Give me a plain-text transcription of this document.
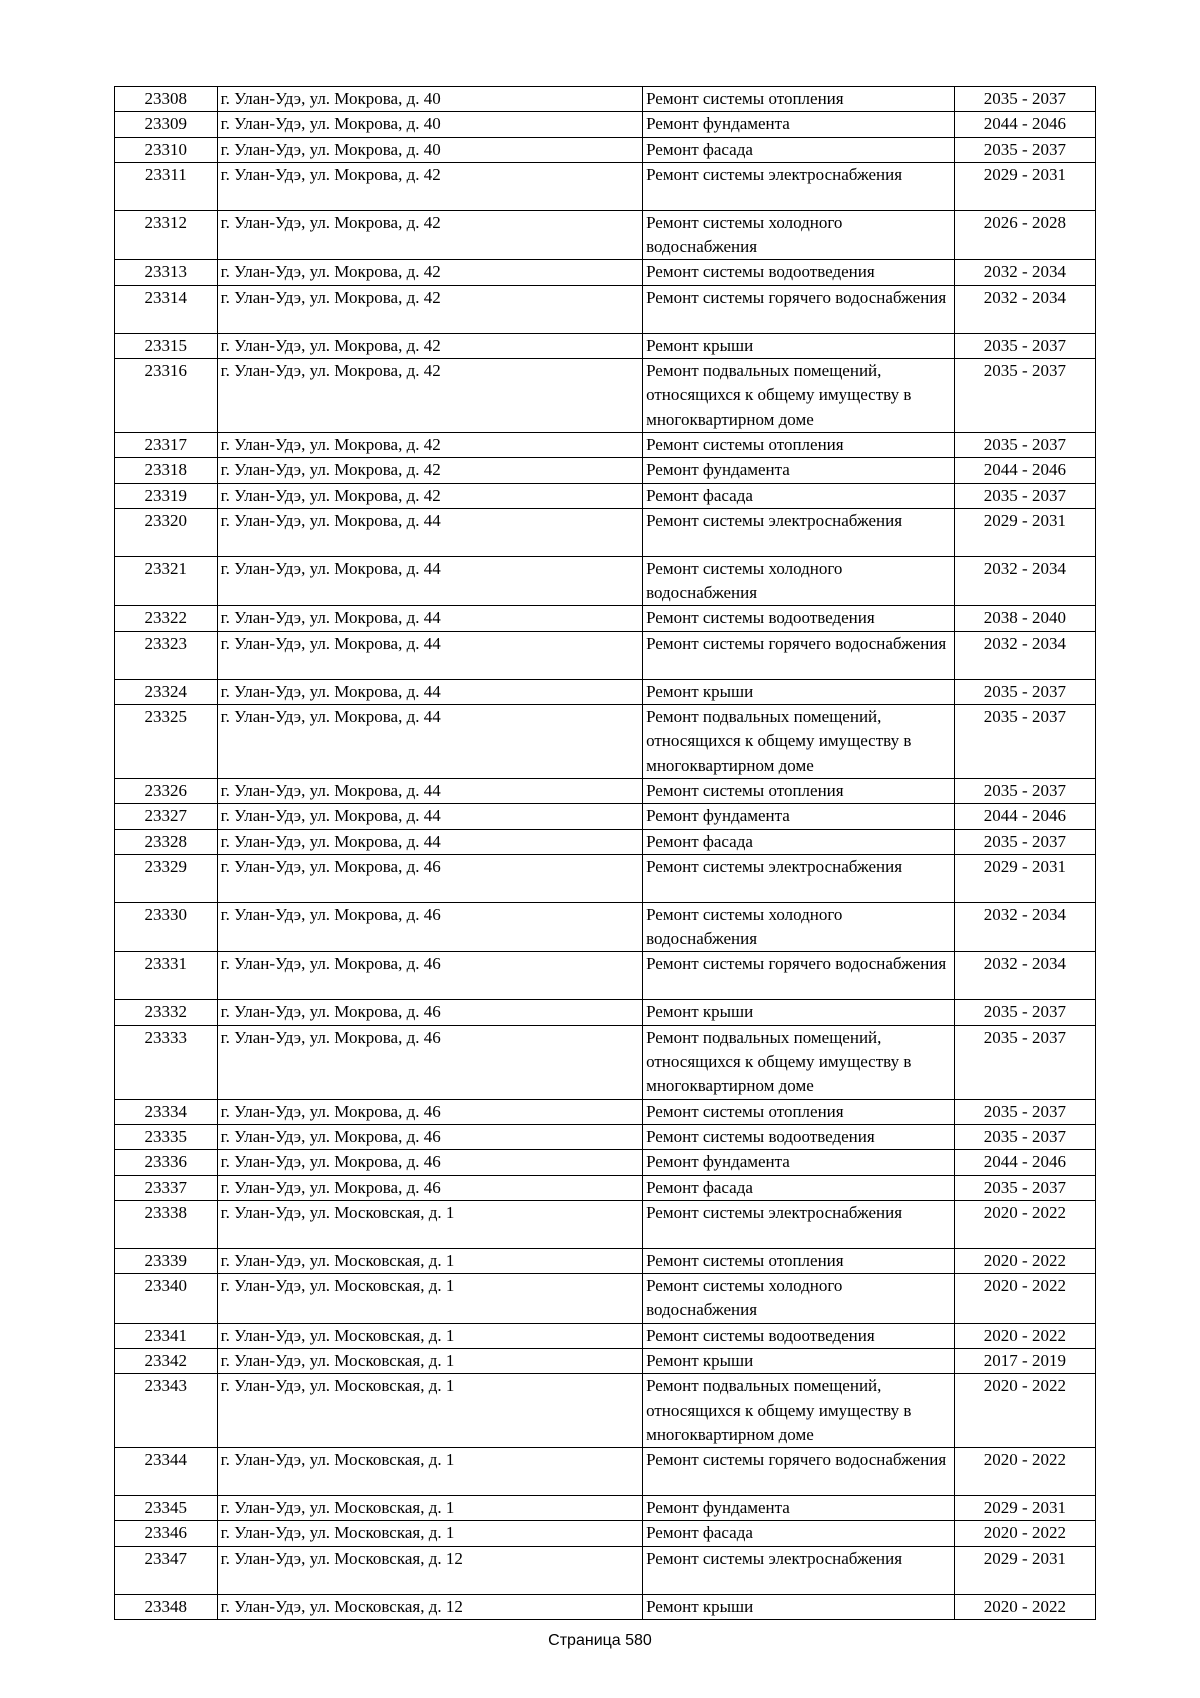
23308	г. Улан-Удэ, ул. Мокрова, д. 40	Ремонт системы отопления	2035 - 2037
23309	г. Улан-Удэ, ул. Мокрова, д. 40	Ремонт фундамента	2044 - 2046
23310	г. Улан-Удэ, ул. Мокрова, д. 40	Ремонт фасада	2035 - 2037
23311	г. Улан-Удэ, ул. Мокрова, д. 42	Ремонт системы электроснабжения	2029 - 2031
23312	г. Улан-Удэ, ул. Мокрова, д. 42	Ремонт системы холодного водоснабжения	2026 - 2028
23313	г. Улан-Удэ, ул. Мокрова, д. 42	Ремонт системы водоотведения	2032 - 2034
23314	г. Улан-Удэ, ул. Мокрова, д. 42	Ремонт системы горячего водоснабжения	2032 - 2034
23315	г. Улан-Удэ, ул. Мокрова, д. 42	Ремонт крыши	2035 - 2037
23316	г. Улан-Удэ, ул. Мокрова, д. 42	Ремонт подвальных помещений, относящихся к общему имуществу в многоквартирном доме	2035 - 2037
23317	г. Улан-Удэ, ул. Мокрова, д. 42	Ремонт системы отопления	2035 - 2037
23318	г. Улан-Удэ, ул. Мокрова, д. 42	Ремонт фундамента	2044 - 2046
23319	г. Улан-Удэ, ул. Мокрова, д. 42	Ремонт фасада	2035 - 2037
23320	г. Улан-Удэ, ул. Мокрова, д. 44	Ремонт системы электроснабжения	2029 - 2031
23321	г. Улан-Удэ, ул. Мокрова, д. 44	Ремонт системы холодного водоснабжения	2032 - 2034
23322	г. Улан-Удэ, ул. Мокрова, д. 44	Ремонт системы водоотведения	2038 - 2040
23323	г. Улан-Удэ, ул. Мокрова, д. 44	Ремонт системы горячего водоснабжения	2032 - 2034
23324	г. Улан-Удэ, ул. Мокрова, д. 44	Ремонт крыши	2035 - 2037
23325	г. Улан-Удэ, ул. Мокрова, д. 44	Ремонт подвальных помещений, относящихся к общему имуществу в многоквартирном доме	2035 - 2037
23326	г. Улан-Удэ, ул. Мокрова, д. 44	Ремонт системы отопления	2035 - 2037
23327	г. Улан-Удэ, ул. Мокрова, д. 44	Ремонт фундамента	2044 - 2046
23328	г. Улан-Удэ, ул. Мокрова, д. 44	Ремонт фасада	2035 - 2037
23329	г. Улан-Удэ, ул. Мокрова, д. 46	Ремонт системы электроснабжения	2029 - 2031
23330	г. Улан-Удэ, ул. Мокрова, д. 46	Ремонт системы холодного водоснабжения	2032 - 2034
23331	г. Улан-Удэ, ул. Мокрова, д. 46	Ремонт системы горячего водоснабжения	2032 - 2034
23332	г. Улан-Удэ, ул. Мокрова, д. 46	Ремонт крыши	2035 - 2037
23333	г. Улан-Удэ, ул. Мокрова, д. 46	Ремонт подвальных помещений, относящихся к общему имуществу в многоквартирном доме	2035 - 2037
23334	г. Улан-Удэ, ул. Мокрова, д. 46	Ремонт системы отопления	2035 - 2037
23335	г. Улан-Удэ, ул. Мокрова, д. 46	Ремонт системы водоотведения	2035 - 2037
23336	г. Улан-Удэ, ул. Мокрова, д. 46	Ремонт фундамента	2044 - 2046
23337	г. Улан-Удэ, ул. Мокрова, д. 46	Ремонт фасада	2035 - 2037
23338	г. Улан-Удэ, ул. Московская, д. 1	Ремонт системы электроснабжения	2020 - 2022
23339	г. Улан-Удэ, ул. Московская, д. 1	Ремонт системы отопления	2020 - 2022
23340	г. Улан-Удэ, ул. Московская, д. 1	Ремонт системы холодного водоснабжения	2020 - 2022
23341	г. Улан-Удэ, ул. Московская, д. 1	Ремонт системы водоотведения	2020 - 2022
23342	г. Улан-Удэ, ул. Московская, д. 1	Ремонт крыши	2017 - 2019
23343	г. Улан-Удэ, ул. Московская, д. 1	Ремонт подвальных помещений, относящихся к общему имуществу в многоквартирном доме	2020 - 2022
23344	г. Улан-Удэ, ул. Московская, д. 1	Ремонт системы горячего водоснабжения	2020 - 2022
23345	г. Улан-Удэ, ул. Московская, д. 1	Ремонт фундамента	2029 - 2031
23346	г. Улан-Удэ, ул. Московская, д. 1	Ремонт фасада	2020 - 2022
23347	г. Улан-Удэ, ул. Московская, д. 12	Ремонт системы электроснабжения	2029 - 2031
23348	г. Улан-Удэ, ул. Московская, д. 12	Ремонт крыши	2020 - 2022
Страница 580
